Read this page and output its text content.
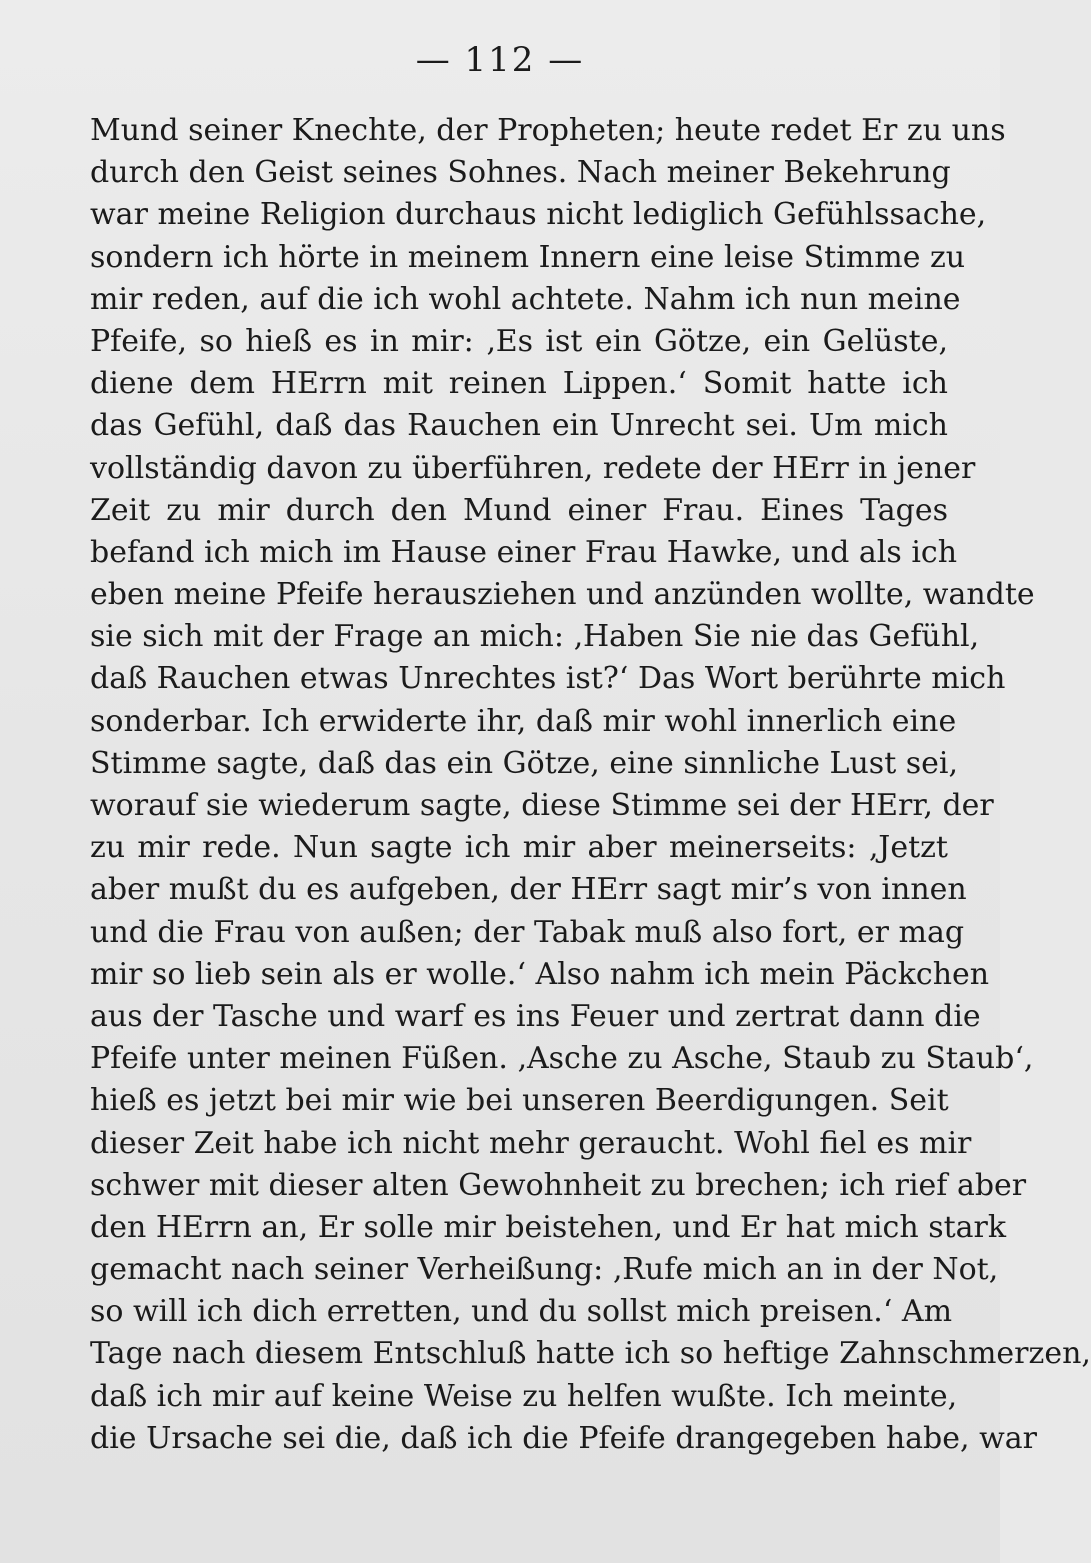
— 112 —
Mund seiner Knechte, der Propheten; heute redet Er zu uns
durch den Geist seines Sohnes. Nach meiner Bekehrung
war meine Religion durchaus nicht lediglich Gefühlssache,
sondern ich hörte in meinem Innern eine leise Stimme zu
mir reden, auf die ich wohl achtete. Nahm ich nun meine
Pfeife, so hieß es in mir: ‚Es ist ein Götze, ein Gelüste,
diene dem HErrn mit reinen Lippen.‘ Somit hatte ich
das Gefühl, daß das Rauchen ein Unrecht sei. Um mich
vollständig davon zu überführen, redete der HErr in jener
Zeit zu mir durch den Mund einer Frau. Eines Tages
befand ich mich im Hause einer Frau Hawke, und als ich
eben meine Pfeife herausziehen und anzünden wollte, wandte
sie sich mit der Frage an mich: ‚Haben Sie nie das Gefühl,
daß Rauchen etwas Unrechtes ist?‘ Das Wort berührte mich
sonderbar. Ich erwiderte ihr, daß mir wohl innerlich eine
Stimme sagte, daß das ein Götze, eine sinnliche Lust sei,
worauf sie wiederum sagte, diese Stimme sei der HErr, der
zu mir rede. Nun sagte ich mir aber meinerseits: ‚Jetzt
aber mußt du es aufgeben, der HErr sagt mir’s von innen
und die Frau von außen; der Tabak muß also fort, er mag
mir so lieb sein als er wolle.‘ Also nahm ich mein Päckchen
aus der Tasche und warf es ins Feuer und zertrat dann die
Pfeife unter meinen Füßen. ‚Asche zu Asche, Staub zu Staub‘,
hieß es jetzt bei mir wie bei unseren Beerdigungen. Seit
dieser Zeit habe ich nicht mehr geraucht. Wohl fiel es mir
schwer mit dieser alten Gewohnheit zu brechen; ich rief aber
den HErrn an, Er solle mir beistehen, und Er hat mich stark
gemacht nach seiner Verheißung: ‚Rufe mich an in der Not,
so will ich dich erretten, und du sollst mich preisen.‘ Am
Tage nach diesem Entschluß hatte ich so heftige Zahnschmerzen,
daß ich mir auf keine Weise zu helfen wußte. Ich meinte,
die Ursache sei die, daß ich die Pfeife drangegeben habe, war
